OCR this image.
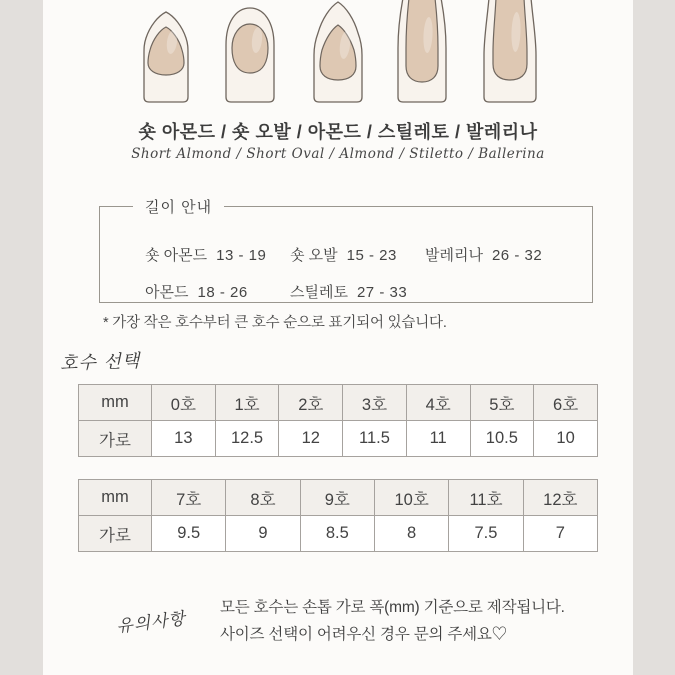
숏 아몬드 / 숏 오발 / 아몬드 / 스틸레토 / 발레리나
Short Almond / Short Oval / Almond / Stiletto / Ballerina
길이 안내
숏 아몬드 13 - 19 숏 오발 15 - 23 발레리나 26 - 32
아몬드 18 - 26	스틸레토 27 - 33
* 가장 작은 호수부터 큰 호수 순으로 표기되어 있습니다.
호수 선택
mm	0호	1호	2호	3호	4호	5호	6호
가로	13	12.5	12	11.5	11	10.5	10
mm	7호	8호	9호	10호	11호	12호
가로	9.5	9	8.5	8	7.5	7
유의사항
모든 호수는 손톱 가로 폭(mm) 기준으로 제작됩니다.
사이즈 선택이 어려우신 경우 문의 주세요♡
